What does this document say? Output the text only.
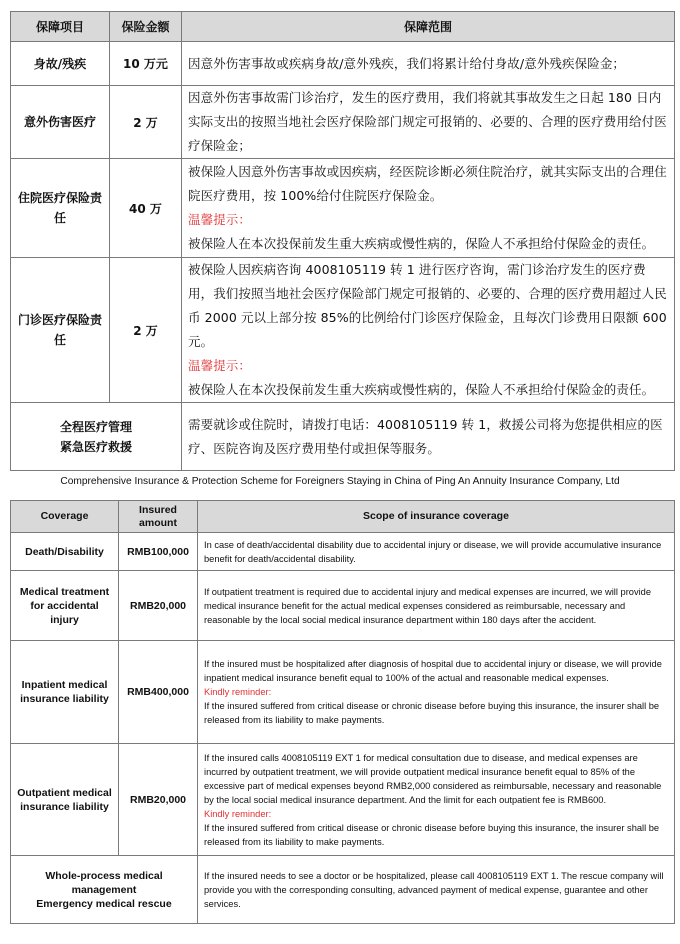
保障项目	保险金额	保障范围
身故/残疾	10 万元	因意外伤害事故或疾病身故/意外残疾，我们将累计给付身故/意外残疾保险金；
意外伤害医疗	2 万	因意外伤害事故需门诊治疗，发生的医疗费用，我们将就其事故发生之日起 180 日内实际支出的按照当地社会医疗保险部门规定可报销的、必要的、合理的医疗费用给付医疗保险金；
住院医疗保险责任	40 万	被保险人因意外伤害事故或因疾病，经医院诊断必须住院治疗，就其实际支出的合理住院医疗费用，按 100%给付住院医疗保险金。
温馨提示：
被保险人在本次投保前发生重大疾病或慢性病的，保险人不承担给付保险金的责任。

门诊医疗保险责任	2 万	被保险人因疾病咨询 4008105119 转 1 进行医疗咨询，需门诊治疗发生的医疗费用，我们按照当地社会医疗保险部门规定可报销的、必要的、合理的医疗费用超过人民币 2000 元以上部分按 85%的比例给付门诊医疗保险金，且每次门诊费用日限额 600 元。
温馨提示：
被保险人在本次投保前发生重大疾病或慢性病的，保险人不承担给付保险金的责任。

全程医疗管理
紧急医疗救援		需要就诊或住院时，请拨打电话：4008105119 转 1，救援公司将为您提供相应的医疗、医院咨询及医疗费用垫付或担保等服务。
Comprehensive Insurance & Protection Scheme for Foreigners Staying in China of Ping An Annuity Insurance Company, Ltd
Coverage	Insured amount	Scope of insurance coverage
Death/Disability	RMB100,000	In case of death/accidental disability due to accidental injury or disease, we will provide accumulative insurance benefit for death/accidental disability.
Medical treatment for accidental injury	RMB20,000	If outpatient treatment is required due to accidental injury and medical expenses are incurred, we will provide medical insurance benefit for the actual medical expenses considered as reimbursable, necessary and reasonable by the local social medical insurance department within 180 days after the accident.
Inpatient medical insurance liability	RMB400,000	If the insured must be hospitalized after diagnosis of hospital due to accidental injury or disease, we will provide inpatient medical insurance benefit equal to 100% of the actual and reasonable medical expenses.
Kindly reminder:
If the insured suffered from critical disease or chronic disease before buying this insurance, the insurer shall be released from its liability to make payments.

Outpatient medical insurance liability	RMB20,000	If the insured calls 4008105119 EXT 1 for medical consultation due to disease, and medical expenses are incurred by outpatient treatment, we will provide outpatient medical insurance benefit equal to 85% of the excessive part of medical expenses beyond RMB2,000 considered as reimbursable, necessary and reasonable by the local social medical insurance department. And the limit for each outpatient fee is RMB600.
Kindly reminder:
If the insured suffered from critical disease or chronic disease before buying this insurance, the insurer shall be released from its liability to make payments.

Whole-process medical management
Emergency medical rescue		If the insured needs to see a doctor or be hospitalized, please call 4008105119 EXT 1. The rescue company will provide you with the corresponding consulting, advanced payment of medical expense, guarantee and other services.
